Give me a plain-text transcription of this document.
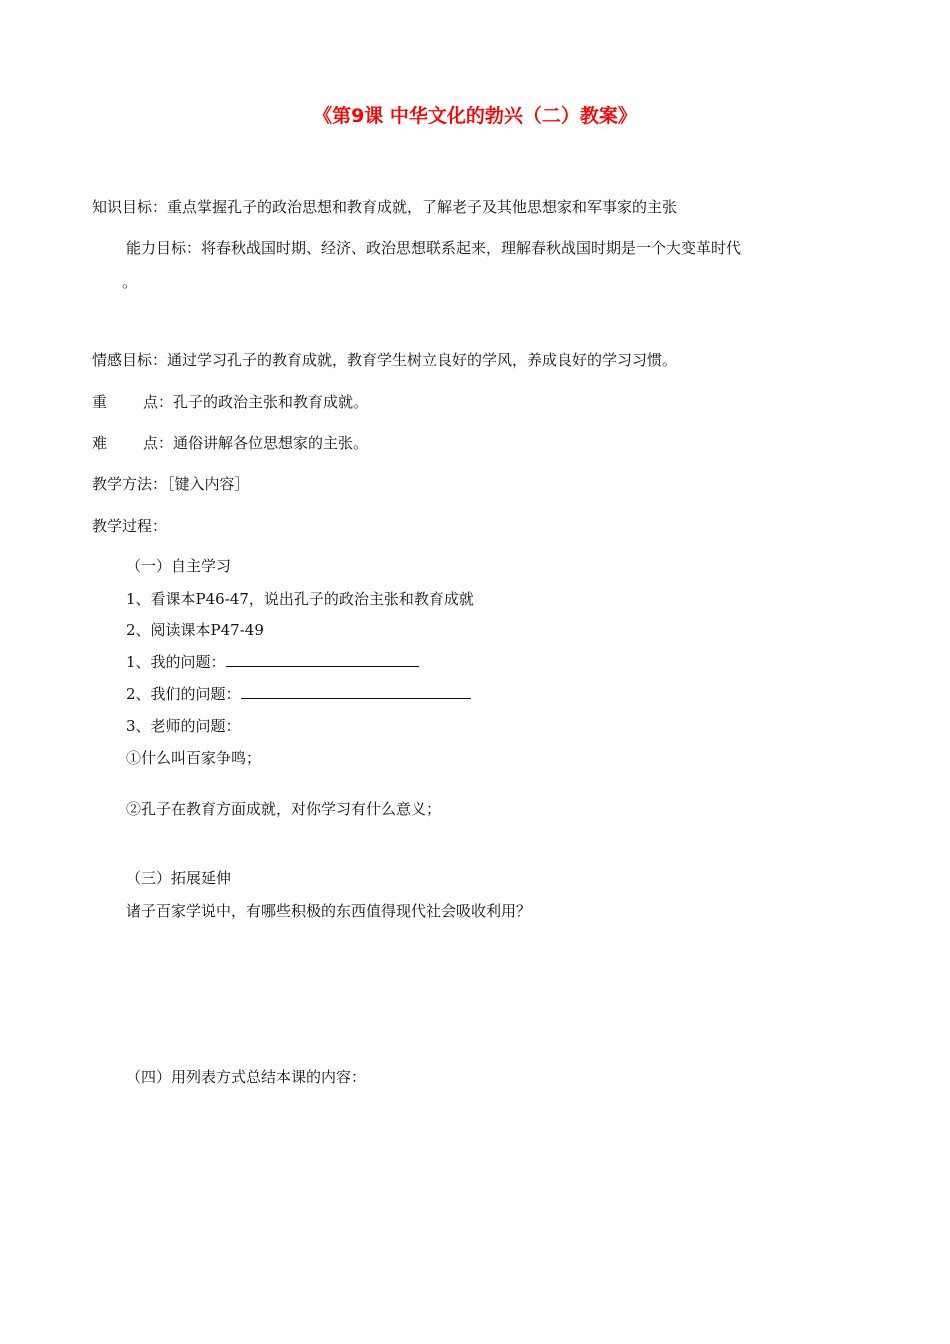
《第9课 中华文化的勃兴（二）教案》
知识目标：重点掌握孔子的政治思想和教育成就，了解老子及其他思想家和军事家的主张
能力目标：将春秋战国时期、经济、政治思想联系起来，理解春秋战国时期是一个大变革时代
。
情感目标：通过学习孔子的教育成就，教育学生树立良好的学风，养成良好的学习习惯。
重 点：孔子的政治主张和教育成就。
难 点：通俗讲解各位思想家的主张。
教学方法：［键入内容］
教学过程：
（一）自主学习
1、看课本P46-47，说出孔子的政治主张和教育成就
2、阅读课本P47-49
1、我的问题：
2、我们的问题：
3、老师的问题：
①什么叫百家争鸣；
②孔子在教育方面成就，对你学习有什么意义；
（三）拓展延伸
诸子百家学说中，有哪些积极的东西值得现代社会吸收利用？
（四）用列表方式总结本课的内容：
